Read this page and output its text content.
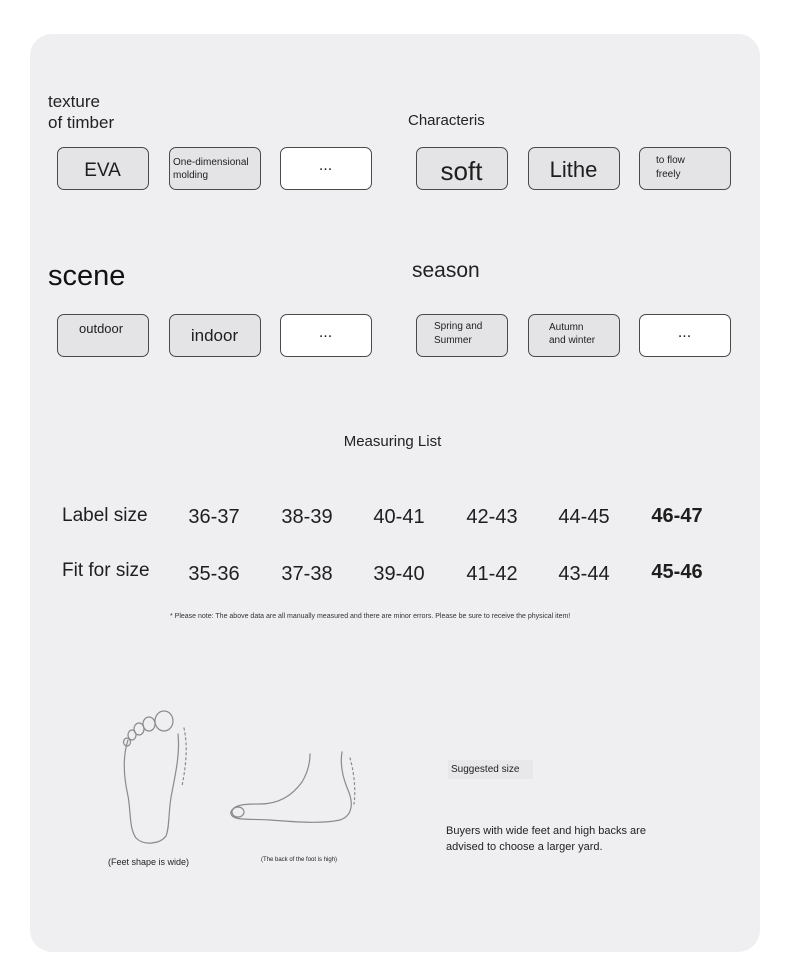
texture
of timber
EVA	One-dimensional
molding
...
Characteris
soft	Lithe	to flow
freely
scene
outdoor	indoor	...
season
Spring and
Summer
Autumn
and winter	...
Measuring List
Label size	36-37	38-39	40-41	42-43	44-45	46-47
Fit for size	35-36	37-38	39-40	41-42	43-44	45-46
* Please note: The above data are all manually measured and there are minor errors. Please be sure to receive the physical item!
(Feet shape is wide)	(The back of the foot is high)
Suggested size
Buyers with wide feet and high backs are
advised to choose a larger yard.
